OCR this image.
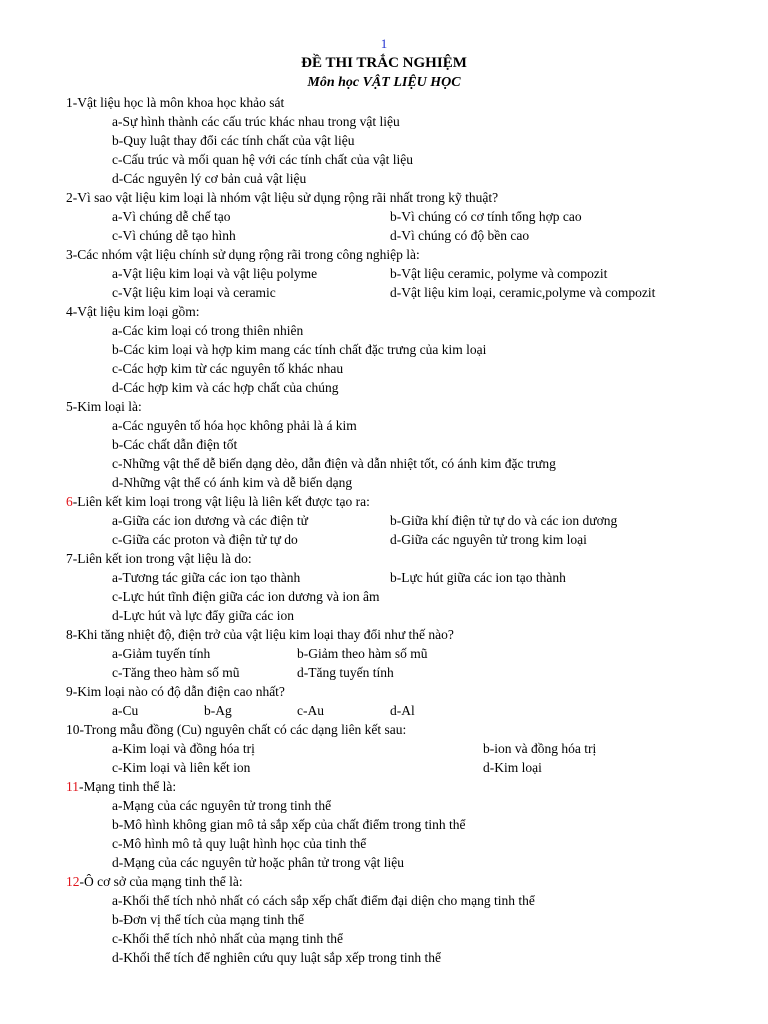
1
ĐỀ THI TRẮC NGHIỆM
Môn học VẬT LIỆU HỌC
1-Vật liệu học là môn khoa học khảo sát
a-Sự hình thành các cấu trúc khác nhau trong vật liệu
b-Quy luật thay đổi các tính chất của vật liệu
c-Cấu trúc và mối quan hệ với các tính chất của vật liệu
d-Các nguyên lý cơ bản cuả vật liệu
2-Vì sao vật liệu kim loại là nhóm vật liệu sử dụng rộng rãi nhất trong kỹ thuật?
a-Vì chúng dễ chế tạo	b-Vì chúng có cơ tính tổng hợp cao
c-Vì chúng dễ tạo hình	d-Vì chúng có độ bền cao
3-Các nhóm vật liệu chính sử dụng rộng rãi trong công nghiệp là:
a-Vật liệu kim loại và vật liệu polyme	b-Vật liệu ceramic, polyme và compozit
c-Vật liệu kim loại và ceramic	d-Vật liệu kim loại, ceramic,polyme và compozit
4-Vật liệu kim loại gồm:
a-Các kim loại có trong thiên nhiên
b-Các kim loại và hợp kim mang các tính chất đặc trưng của kim loại
c-Các hợp kim từ các nguyên tố khác nhau
d-Các hợp kim và các hợp chất của chúng
5-Kim loại là:
a-Các nguyên tố hóa học không phải là á kim
b-Các chất dẫn điện tốt
c-Những vật thể dễ biến dạng dẻo, dẫn điện và dẫn nhiệt tốt, có ánh kim đặc trưng
d-Những vật thể có ánh kim và dễ biến dạng
6-Liên kết kim loại trong vật liệu là liên kết được tạo ra:
a-Giữa các ion dương và các điện tử	b-Giữa khí điện tử tự do và các ion dương
c-Giữa các proton và điện tử tự do	d-Giữa các nguyên tử trong kim loại
7-Liên kết ion trong vật liệu là do:
a-Tương tác giữa các ion tạo thành	b-Lực hút giữa các ion tạo thành
c-Lực hút tĩnh điện giữa các ion dương và ion âm
d-Lực hút và lực đẩy giữa các ion
8-Khi tăng nhiệt độ, điện trở của vật liệu kim loại thay đổi như thế nào?
a-Giảm tuyến tính	b-Giảm theo hàm số mũ
c-Tăng theo hàm số mũ	d-Tăng tuyến tính
9-Kim loại nào có độ dẫn điện cao nhất?
a-Cu	b-Ag	c-Au	d-Al
10-Trong mẫu đồng (Cu) nguyên chất có các dạng liên kết sau:
a-Kim loại và đồng hóa trị	b-ion và đồng hóa trị
c-Kim loại và liên kết ion	d-Kim loại
11-Mạng tinh thể là:
a-Mạng của các nguyên tử trong tinh thể
b-Mô hình không gian mô tả sắp xếp của chất điểm trong tinh thể
c-Mô hình mô tả quy luật hình học của tinh thể
d-Mạng của các nguyên tử hoặc phân tử trong vật liệu
12-Ô cơ sở của mạng tinh thể là:
a-Khối thể tích nhỏ nhất có cách sắp xếp chất điểm đại diện cho mạng tinh thể
b-Đơn vị thể tích của mạng tinh thể
c-Khối thể tích nhỏ nhất của mạng tinh thể
d-Khối thể tích để nghiên cứu quy luật sắp xếp trong tinh thể
